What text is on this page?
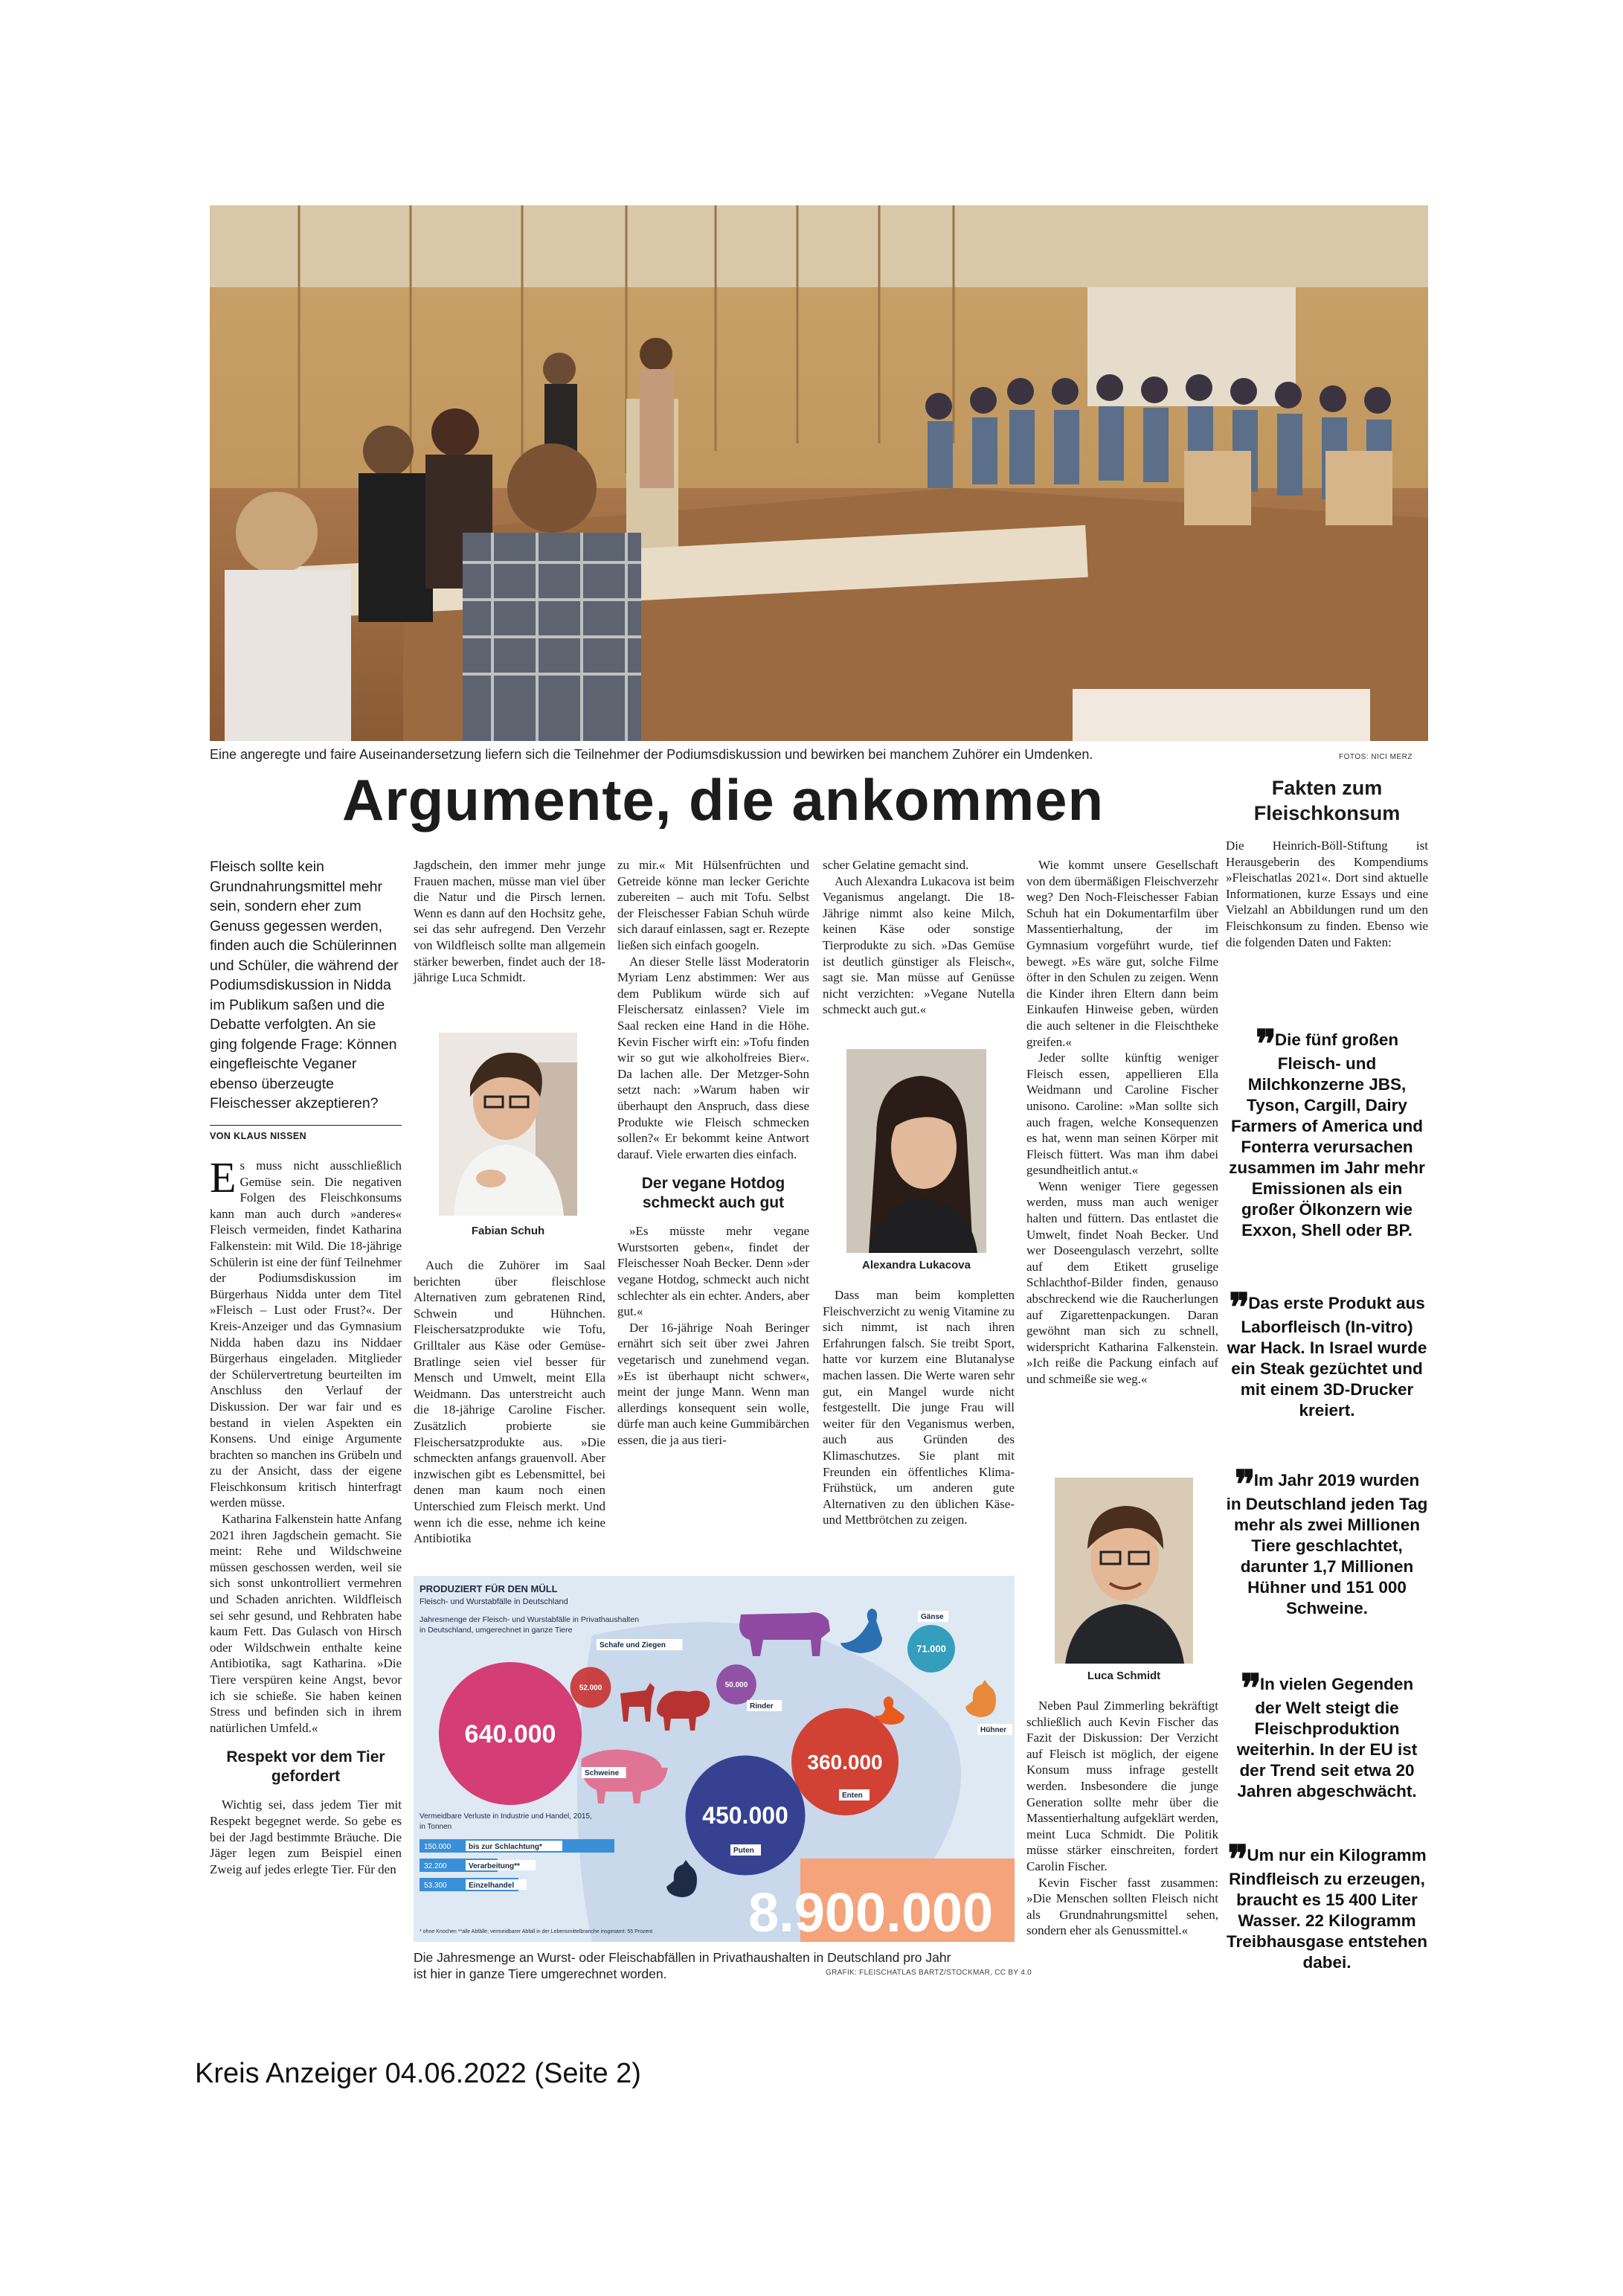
FOTOS: NICI MERZ
Eine angeregte und faire Auseinandersetzung liefern sich die Teilnehmer der Podiumsdiskussion und bewirken bei manchem Zuhörer ein Umdenken.
Argumente, die ankommen
Fleisch sollte kein Grundnahrungsmittel mehr sein, sondern eher zum Genuss gegessen werden, finden auch die Schülerinnen und Schüler, die während der Podiumsdiskussion in Nidda im Publikum saßen und die Debatte verfolgten. An sie ging folgende Frage: Können eingefleischte Veganer ebenso überzeugte Fleischesser akzeptieren?
VON KLAUS NISSEN

Es muss nicht ausschließlich Gemüse sein. Die negativen Folgen des Fleischkonsums kann man auch durch »anderes« Fleisch vermeiden, findet Katharina Falkenstein: mit Wild. Die 18-jährige Schülerin ist eine der fünf Teilnehmer der Podiumsdiskussion im Bürgerhaus Nidda unter dem Titel »Fleisch – Lust oder Frust?«. Der Kreis-Anzeiger und das Gymnasium Nidda haben dazu ins Niddaer Bürgerhaus eingeladen. Mitglieder der Schülervertretung beurteilten im Anschluss den Verlauf der Diskussion. Der war fair und es bestand in vielen Aspekten ein Konsens. Und einige Argumente brachten so manchen ins Grübeln und zu der Ansicht, dass der eigene Fleischkonsum kritisch hinterfragt werden müsse.

Katharina Falkenstein hatte Anfang 2021 ihren Jagdschein gemacht. Sie meint: Rehe und Wildschweine müssen geschossen werden, weil sie sich sonst unkontrolliert vermehren und Schaden anrichten. Wildfleisch sei sehr gesund, und Rehbraten habe kaum Fett. Das Gulasch von Hirsch oder Wildschwein enthalte keine Antibiotika, sagt Katharina. »Die Tiere verspüren keine Angst, bevor ich sie schieße. Sie haben keinen Stress und befinden sich in ihrem natürlichen Umfeld.«

Respekt vor dem Tier gefordert

Wichtig sei, dass jedem Tier mit Respekt begegnet werde. So gebe es bei der Jagd bestimmte Bräuche. Die Jäger legen zum Beispiel einen Zweig auf jedes erlegte Tier. Für den

Jagdschein, den immer mehr junge Frauen machen, müsse man viel über die Natur und die Pirsch lernen. Wenn es dann auf den Hochsitz gehe, sei das sehr aufregend. Den Verzehr von Wildfleisch sollte man allgemein stärker bewerben, findet auch der 18-jährige Luca Schmidt.

Fabian Schuh

Auch die Zuhörer im Saal berichten über fleischlose Alternativen zum gebratenen Rind, Schwein und Hühnchen. Fleischersatzprodukte wie Tofu, Grilltaler aus Käse oder Gemüse-Bratlinge seien viel besser für Mensch und Umwelt, meint Ella Weidmann. Das unterstreicht auch die 18-jährige Caroline Fischer. Zusätzlich probierte sie Fleischersatzprodukte aus. »Die schmeckten anfangs grauenvoll. Aber inzwischen gibt es Lebensmittel, bei denen man kaum noch einen Unterschied zum Fleisch merkt. Und wenn ich die esse, nehme ich keine Antibiotika

zu mir.« Mit Hülsenfrüchten und Getreide könne man lecker Gerichte zubereiten – auch mit Tofu. Selbst der Fleischesser Fabian Schuh würde sich darauf einlassen, sagt er. Rezepte ließen sich einfach googeln.

An dieser Stelle lässt Moderatorin Myriam Lenz abstimmen: Wer aus dem Publikum würde sich auf Fleischersatz einlassen? Viele im Saal recken eine Hand in die Höhe. Kevin Fischer wirft ein: »Tofu finden wir so gut wie alkoholfreies Bier«. Da lachen alle. Der Metzger-Sohn setzt nach: »Warum haben wir überhaupt den Anspruch, dass diese Produkte wie Fleisch schmecken sollen?« Er bekommt keine Antwort darauf. Viele erwarten dies einfach.

Der vegane Hotdog schmeckt auch gut

»Es müsste mehr vegane Wurstsorten geben«, findet der Fleischesser Noah Becker. Denn »der vegane Hotdog, schmeckt auch nicht schlechter als ein echter. Anders, aber gut.«

Der 16-jährige Noah Beringer ernährt sich seit über zwei Jahren vegetarisch und zunehmend vegan. »Es ist überhaupt nicht schwer«, meint der junge Mann. Wenn man allerdings konsequent sein wolle, dürfe man auch keine Gummibärchen essen, die ja aus tieri-

scher Gelatine gemacht sind.

Auch Alexandra Lukacova ist beim Veganismus angelangt. Die 18-Jährige nimmt also keine Milch, keinen Käse oder sonstige Tierprodukte zu sich. »Das Gemüse ist deutlich günstiger als Fleisch«, sagt sie. Man müsse auf Genüsse nicht verzichten: »Vegane Nutella schmeckt auch gut.«

Alexandra Lukacova

Dass man beim kompletten Fleischverzicht zu wenig Vitamine zu sich nimmt, ist nach ihren Erfahrungen falsch. Sie treibt Sport, hatte vor kurzem eine Blutanalyse machen lassen. Die Werte waren sehr gut, ein Mangel wurde nicht festgestellt. Die junge Frau will weiter für den Veganismus werben, auch aus Gründen des Klimaschutzes. Sie plant mit Freunden ein öffentliches Klima-Frühstück, um anderen gute Alternativen zu den üblichen Käse- und Mettbrötchen zu zeigen.

Wie kommt unsere Gesellschaft von dem übermäßigen Fleischverzehr weg? Den Noch-Fleischesser Fabian Schuh hat ein Dokumentarfilm über Massentierhaltung, der im Gymnasium vorgeführt wurde, tief bewegt. »Es wäre gut, solche Filme öfter in den Schulen zu zeigen. Wenn die Kinder ihren Eltern dann beim Einkaufen Hinweise geben, würden die auch seltener in die Fleischtheke greifen.«

Jeder sollte künftig weniger Fleisch essen, appellieren Ella Weidmann und Caroline Fischer unisono. Caroline: »Man sollte sich auch fragen, welche Konsequenzen es hat, wenn man seinen Körper mit Fleisch füttert. Was man ihm dabei gesundheitlich antut.«

Wenn weniger Tiere gegessen werden, muss man auch weniger halten und füttern. Das entlastet die Umwelt, findet Noah Becker. Und wer Doseengulasch verzehrt, sollte auf dem Etikett gruselige Schlachthof-Bilder finden, genauso abschreckend wie die Raucherlungen auf Zigarettenpackungen. Daran gewöhnt man sich zu schnell, widerspricht Katharina Falkenstein. »Ich reiße die Packung einfach auf und schmeiße sie weg.«

Luca Schmidt

Neben Paul Zimmerling bekräftigt schließlich auch Kevin Fischer das Fazit der Diskussion: Der Verzicht auf Fleisch ist möglich, der eigene Konsum muss infrage gestellt werden. Insbesondere die junge Generation sollte mehr über die Massentierhaltung aufgeklärt werden, meint Luca Schmidt. Die Politik müsse stärker einschreiten, fordert Carolin Fischer.

Kevin Fischer fasst zusammen: »Die Menschen sollten Fleisch nicht als Grundnahrungsmittel sehen, sondern eher als Genussmittel.«

PRODUZIERT FÜR DEN MÜLL
Fleisch- und Wurstabfälle in Deutschland
Jahresmenge der Fleisch- und Wurstabfälle in Privathaushalten
in Deutschland, umgerechnet in ganze Tiere
640.000
Schweine
52.000
Schafe und Ziegen
50.000
Rinder
71.000
Gänse
360.000
Enten
450.000
Puten
Hühner
8.900.000
Vermeidbare Verluste in Industrie und Handel, 2015,
in Tonnen
150.000 bis zur Schlachtung*
32.200	Verarbeitung**
53.300	Einzelhandel
* ohne Knochen **alle Abfälle; vermeidbarer Abfall in der Lebensmittelbranche insgesamt: 55 Prozent
Die Jahresmenge an Wurst- oder Fleischabfällen in Privathaushalten in Deutschland pro Jahr
ist hier in ganze Tiere umgerechnet worden.	GRAFIK: FLEISCHATLAS BARTZ/STOCKMAR, CC BY 4.0
Fakten zum Fleischkonsum

Die Heinrich-Böll-Stiftung ist Herausgeberin des Kompendiums »Fleischatlas 2021«. Dort sind aktuelle Informationen, kurze Essays und eine Vielzahl an Abbildungen rund um den Fleischkonsum zu finden. Ebenso wie die folgenden Daten und Fakten:

❞ Die fünf großen Fleisch- und Milchkonzerne JBS, Tyson, Cargill, Dairy Farmers of America und Fonterra verursachen zusammen im Jahr mehr Emissionen als ein großer Ölkonzern wie Exxon, Shell oder BP.
❞ Das erste Produkt aus Laborfleisch (In-vitro) war Hack. In Israel wurde ein Steak gezüchtet und mit einem 3D-Drucker kreiert.
❞ Im Jahr 2019 wurden in Deutschland jeden Tag mehr als zwei Millionen Tiere geschlachtet, darunter 1,7 Millionen Hühner und 151 000 Schweine.
❞ In vielen Gegenden der Welt steigt die Fleischproduktion weiterhin. In der EU ist der Trend seit etwa 20 Jahren abgeschwächt.
❞ Um nur ein Kilogramm Rindfleisch zu erzeugen, braucht es 15 400 Liter Wasser. 22 Kilogramm Treibhausgase entstehen dabei.
Kreis Anzeiger 04.06.2022 (Seite 2)
